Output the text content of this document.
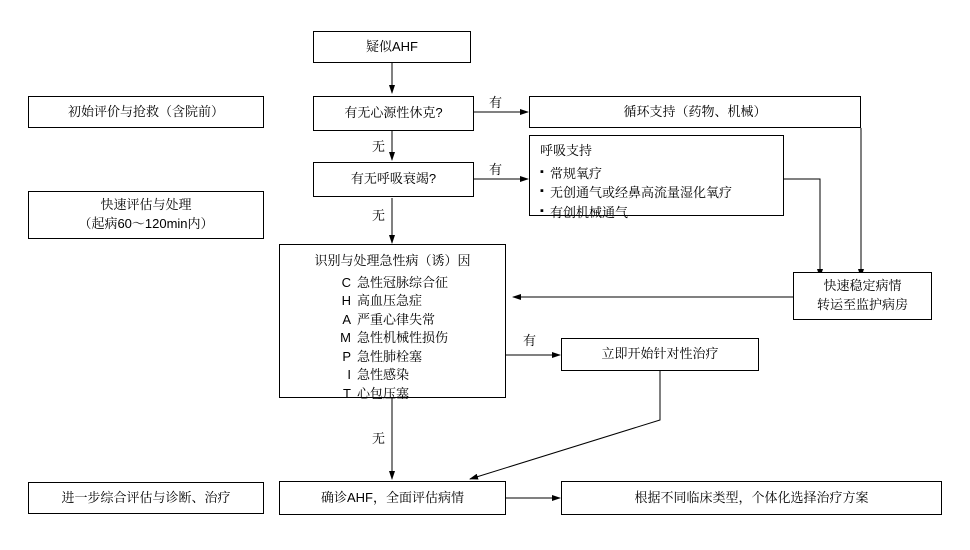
初始评价与抢救（含院前）
快速评估与处理
（起病60～120min内）
进一步综合评估与诊断、治疗
疑似AHF
有无心源性休克?	循环支持（药物、机械）
有无呼吸衰竭?
呼吸支持
▪ 常规氧疗
▪ 无创通气或经鼻高流量湿化氧疗
▪ 有创机械通气
快速稳定病情
转运至监护病房
识别与处理急性病（诱）因
C 急性冠脉综合征
H 高血压急症
A 严重心律失常
M 急性机械性损伤
P 急性肺栓塞
I 急性感染
T 心包压塞
立即开始针对性治疗
确诊AHF，全面评估病情	根据不同临床类型，个体化选择治疗方案
有
无
有
无
有
无
